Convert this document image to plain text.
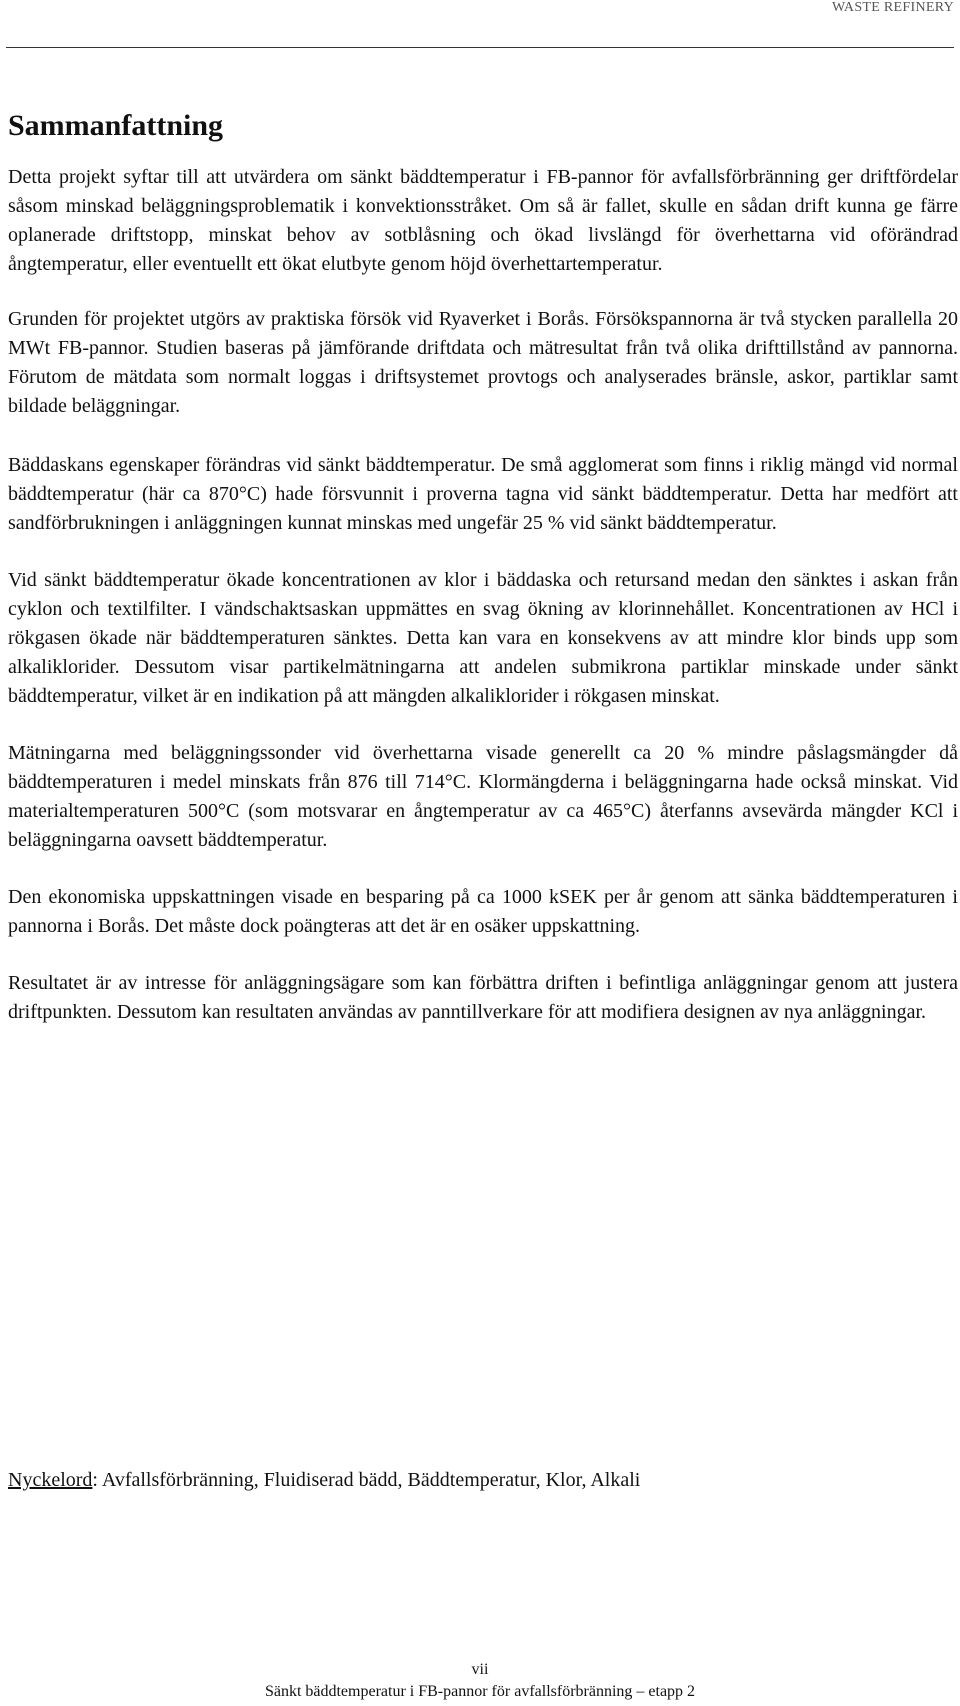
WASTE REFINERY
Sammanfattning

Detta projekt syftar till att utvärdera om sänkt bäddtemperatur i FB-pannor för avfallsförbränning ger driftfördelar såsom minskad beläggningsproblematik i konvektionsstråket. Om så är fallet, skulle en sådan drift kunna ge färre oplanerade driftstopp, minskat behov av sotblåsning och ökad livslängd för överhettarna vid oförändrad ångtemperatur, eller eventuellt ett ökat elutbyte genom höjd överhettartemperatur.

Grunden för projektet utgörs av praktiska försök vid Ryaverket i Borås. Försökspannorna är två stycken parallella 20 MWt FB-pannor. Studien baseras på jämförande driftdata och mätresultat från två olika drifttillstånd av pannorna. Förutom de mätdata som normalt loggas i driftsystemet provtogs och analyserades bränsle, askor, partiklar samt bildade beläggningar.

Bäddaskans egenskaper förändras vid sänkt bäddtemperatur. De små agglomerat som finns i riklig mängd vid normal bäddtemperatur (här ca 870°C) hade försvunnit i proverna tagna vid sänkt bäddtemperatur. Detta har medfört att sandförbrukningen i anläggningen kunnat minskas med ungefär 25 % vid sänkt bäddtemperatur.

Vid sänkt bäddtemperatur ökade koncentrationen av klor i bäddaska och retursand medan den sänktes i askan från cyklon och textilfilter. I vändschaktsaskan uppmättes en svag ökning av klorinnehållet. Koncentrationen av HCl i rökgasen ökade när bäddtemperaturen sänktes. Detta kan vara en konsekvens av att mindre klor binds upp som alkaliklorider. Dessutom visar partikelmätningarna att andelen submikrona partiklar minskade under sänkt bäddtemperatur, vilket är en indikation på att mängden alkaliklorider i rökgasen minskat.

Mätningarna med beläggningssonder vid överhettarna visade generellt ca 20 % mindre påslagsmängder då bäddtemperaturen i medel minskats från 876 till 714°C. Klormängderna i beläggningarna hade också minskat. Vid materialtemperaturen 500°C (som motsvarar en ångtemperatur av ca 465°C) återfanns avsevärda mängder KCl i beläggningarna oavsett bäddtemperatur.

Den ekonomiska uppskattningen visade en besparing på ca 1000 kSEK per år genom att sänka bäddtemperaturen i pannorna i Borås. Det måste dock poängteras att det är en osäker uppskattning.

Resultatet är av intresse för anläggningsägare som kan förbättra driften i befintliga anläggningar genom att justera driftpunkten. Dessutom kan resultaten användas av panntillverkare för att modifiera designen av nya anläggningar.

Nyckelord: Avfallsförbränning, Fluidiserad bädd, Bäddtemperatur, Klor, Alkali
vii
Sänkt bäddtemperatur i FB-pannor för avfallsförbränning – etapp 2
